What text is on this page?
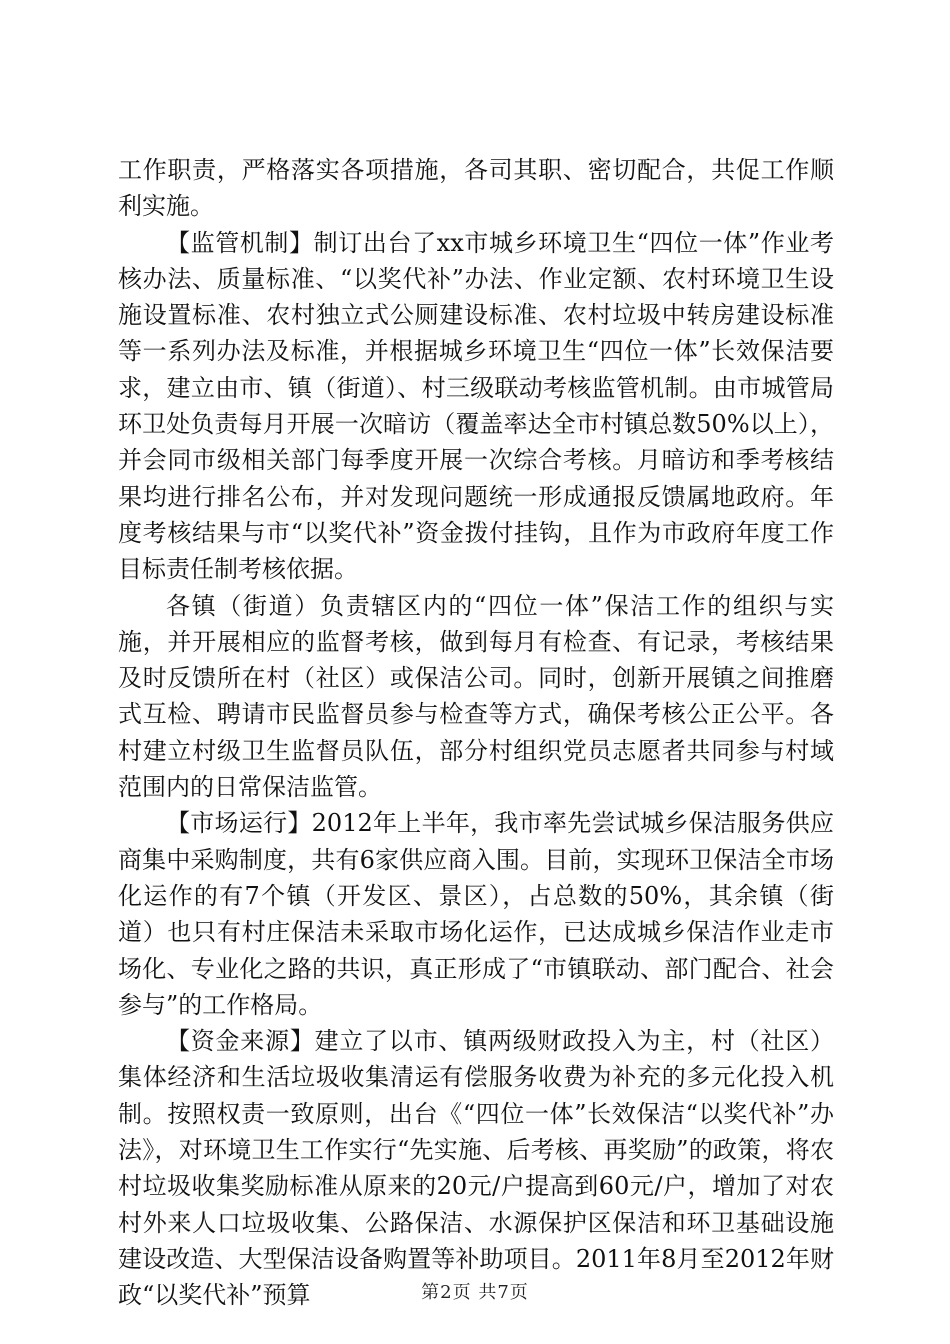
工作职责，严格落实各项措施，各司其职、密切配合，共促工作顺利实施。

【监管机制】制订出台了xx市城乡环境卫生“四位一体”作业考核办法、质量标准、“以奖代补”办法、作业定额、农村环境卫生设施设置标准、农村独立式公厕建设标准、农村垃圾中转房建设标准等一系列办法及标准，并根据城乡环境卫生“四位一体”长效保洁要求，建立由市、镇（街道）、村三级联动考核监管机制。由市城管局环卫处负责每月开展一次暗访（覆盖率达全市村镇总数50%以上），并会同市级相关部门每季度开展一次综合考核。月暗访和季考核结果均进行排名公布，并对发现问题统一形成通报反馈属地政府。年度考核结果与市“以奖代补”资金拨付挂钩，且作为市政府年度工作目标责任制考核依据。

各镇（街道）负责辖区内的“四位一体”保洁工作的组织与实施，并开展相应的监督考核，做到每月有检查、有记录，考核结果及时反馈所在村（社区）或保洁公司。同时，创新开展镇之间推磨式互检、聘请市民监督员参与检查等方式，确保考核公正公平。各村建立村级卫生监督员队伍，部分村组织党员志愿者共同参与村域范围内的日常保洁监管。

【市场运行】2012年上半年，我市率先尝试城乡保洁服务供应商集中采购制度，共有6家供应商入围。目前，实现环卫保洁全市场化运作的有7个镇（开发区、景区），占总数的50%，其余镇（街道）也只有村庄保洁未采取市场化运作，已达成城乡保洁作业走市场化、专业化之路的共识，真正形成了“市镇联动、部门配合、社会参与”的工作格局。

【资金来源】建立了以市、镇两级财政投入为主，村（社区）集体经济和生活垃圾收集清运有偿服务收费为补充的多元化投入机制。按照权责一致原则，出台《“四位一体”长效保洁“以奖代补”办法》，对环境卫生工作实行“先实施、后考核、再奖励”的政策，将农村垃圾收集奖励标准从原来的20元/户提高到60元/户，增加了对农村外来人口垃圾收集、公路保洁、水源保护区保洁和环卫基础设施建设改造、大型保洁设备购置等补助项目。2011年8月至2012年财政“以奖代补”预算	第2页 共7页
